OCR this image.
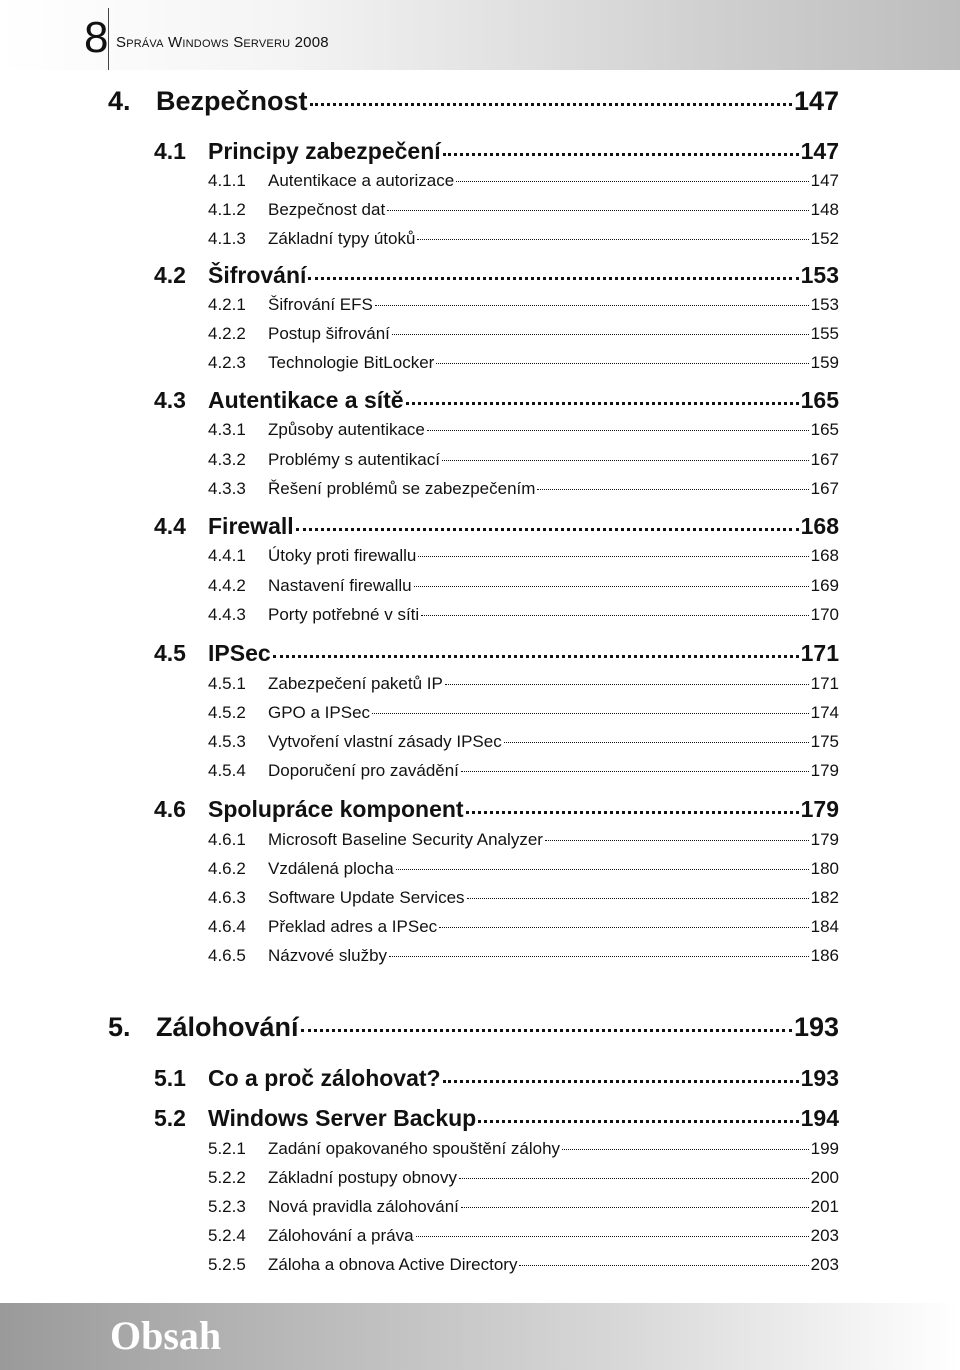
8 Správa Windows Serveru 2008
4. Bezpečnost	147
4.1 Principy zabezpečení	147
4.1.1	Autentikace a autorizace	147
4.1.2	Bezpečnost dat	148
4.1.3	Základní typy útoků	152
4.2 Šifrování	153
4.2.1	Šifrování EFS	153
4.2.2	Postup šifrování	155
4.2.3	Technologie BitLocker	159
4.3 Autentikace a sítě	165
4.3.1	Způsoby autentikace	165
4.3.2	Problémy s autentikací	167
4.3.3	Řešení problémů se zabezpečením	167
4.4 Firewall	168
4.4.1	Útoky proti firewallu	168
4.4.2	Nastavení firewallu	169
4.4.3	Porty potřebné v síti	170
4.5 IPSec	171
4.5.1	Zabezpečení paketů IP	171
4.5.2	GPO a IPSec	174
4.5.3	Vytvoření vlastní zásady IPSec	175
4.5.4	Doporučení pro zavádění	179
4.6 Spolupráce komponent	179
4.6.1	Microsoft Baseline Security Analyzer	179
4.6.2	Vzdálená plocha	180
4.6.3	Software Update Services	182
4.6.4	Překlad adres a IPSec	184
4.6.5	Názvové služby	186
5. Zálohování	193
5.1 Co a proč zálohovat?	193
5.2 Windows Server Backup	194
5.2.1	Zadání opakovaného spouštění zálohy	199
5.2.2	Základní postupy obnovy	200
5.2.3	Nová pravidla zálohování	201
5.2.4	Zálohování a práva	203
5.2.5	Záloha a obnova Active Directory	203
Obsah
